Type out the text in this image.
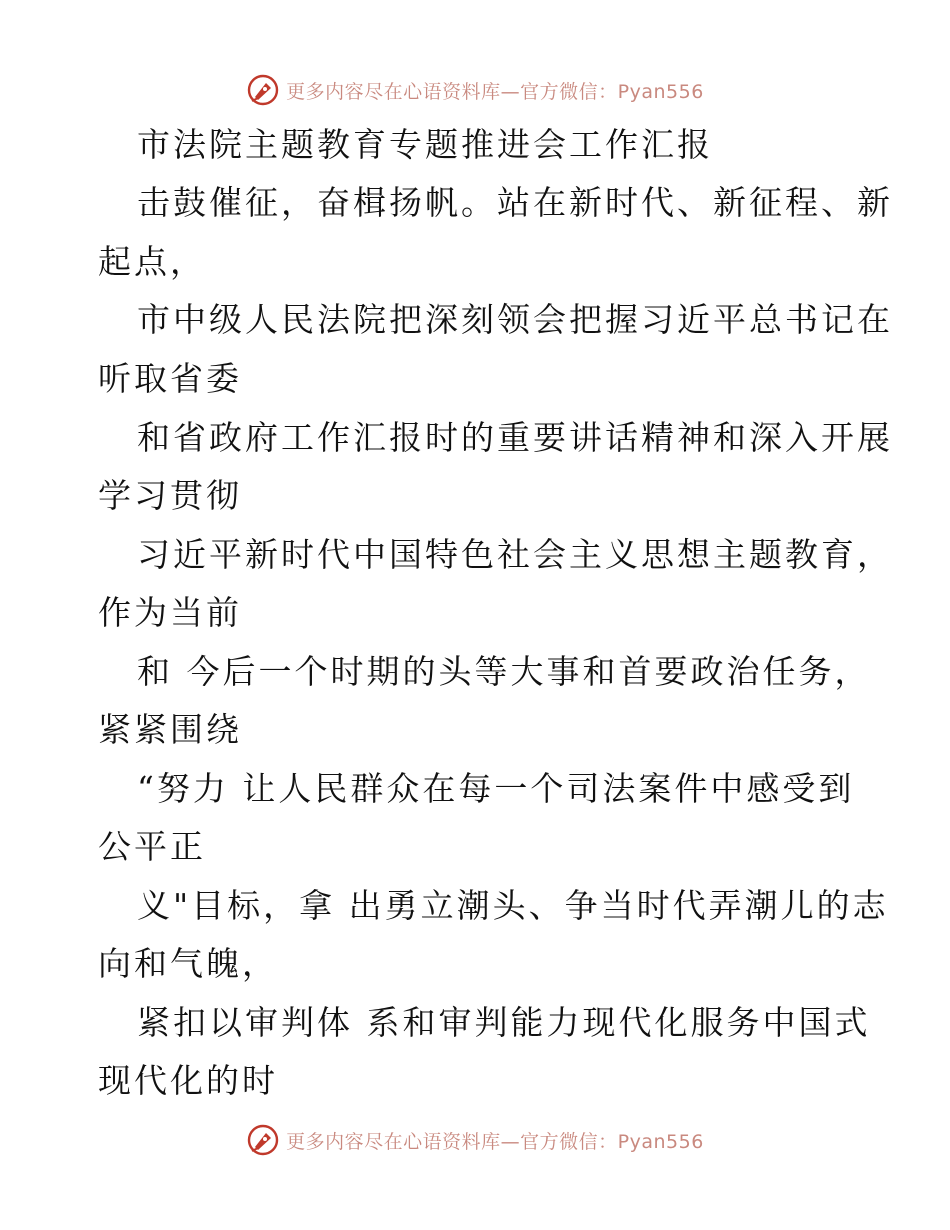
更多内容尽在心语资料库—官方微信：Pyan556
市法院主题教育专题推进会工作汇报
击鼓催征，奋楫扬帆。站在新时代、新征程、新
起点，
市中级人民法院把深刻领会把握习近平总书记在
听取省委
和省政府工作汇报时的重要讲话精神和深入开展
学习贯彻
习近平新时代中国特色社会主义思想主题教育，
作为当前
和 今后一个时期的头等大事和首要政治任务，
紧紧围绕
“努力 让人民群众在每一个司法案件中感受到
公平正
义"目标，拿 出勇立潮头、争当时代弄潮儿的志
向和气魄，
紧扣以审判体 系和审判能力现代化服务中国式
现代化的时
更多内容尽在心语资料库—官方微信：Pyan556
